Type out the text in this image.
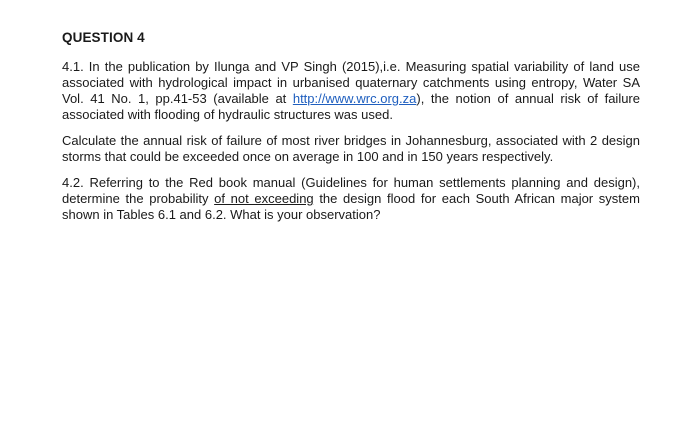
QUESTION 4

4.1. In the publication by Ilunga and VP Singh (2015),i.e. Measuring spatial variability of land use associated with hydrological impact in urbanised quaternary catchments using entropy, Water SA Vol. 41 No. 1, pp.41-53 (available at http://www.wrc.org.za), the notion of annual risk of failure associated with flooding of hydraulic structures was used.

Calculate the annual risk of failure of most river bridges in Johannesburg, associated with 2 design storms that could be exceeded once on average in 100 and in 150 years respectively.

4.2. Referring to the Red book manual (Guidelines for human settlements planning and design), determine the probability of not exceeding the design flood for each South African major system shown in Tables 6.1 and 6.2. What is your observation?
